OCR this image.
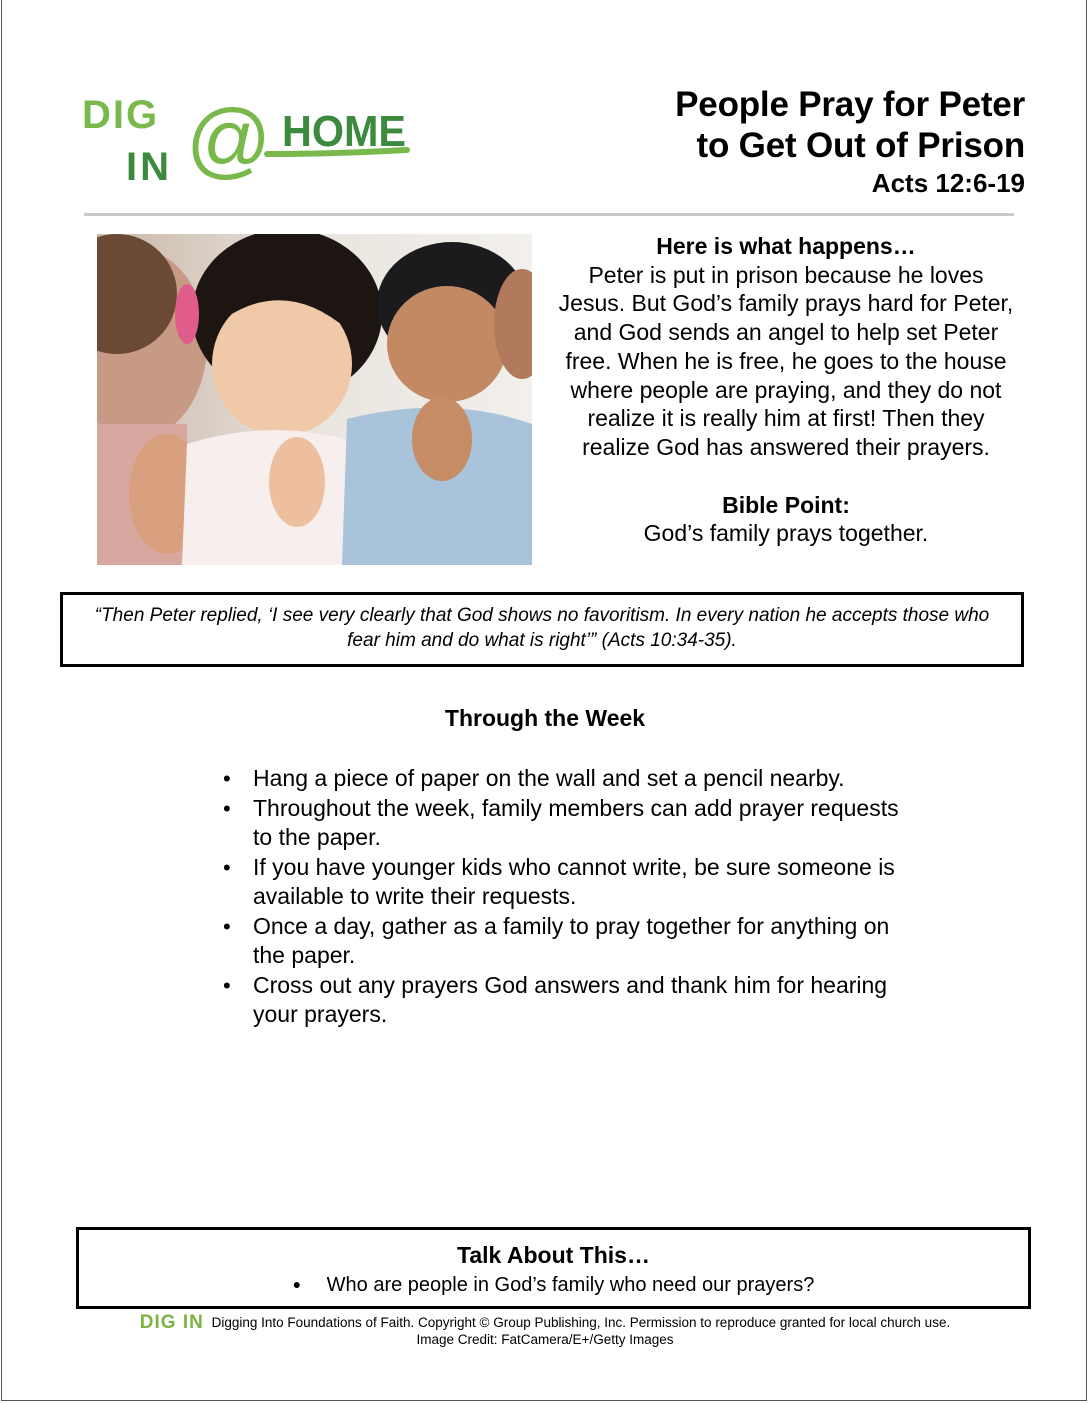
DIG
IN @ HOME
People Pray for Peter
to Get Out of Prison
Acts 12:6-19
Here is what happens…

Peter is put in prison because he loves Jesus. But God’s family prays hard for Peter, and God sends an angel to help set Peter free. When he is free, he goes to the house where people are praying, and they do not realize it is really him at first! Then they realize God has answered their prayers.

Bible Point:
God’s family prays together.
“Then Peter replied, ‘I see very clearly that God shows no favoritism. In every nation he accepts those who fear him and do what is right’” (Acts 10:34-35).
Through the Week
• Hang a piece of paper on the wall and set a pencil nearby.
• Throughout the week, family members can add prayer requests to the paper.
• If you have younger kids who cannot write, be sure someone is available to write their requests.
• Once a day, gather as a family to pray together for anything on the paper.
• Cross out any prayers God answers and thank him for hearing your prayers.
Talk About This…
● Who are people in God’s family who need our prayers?
DIG IN Digging Into Foundations of Faith. Copyright © Group Publishing, Inc. Permission to reproduce granted for local church use.
Image Credit: FatCamera/E+/Getty Images
